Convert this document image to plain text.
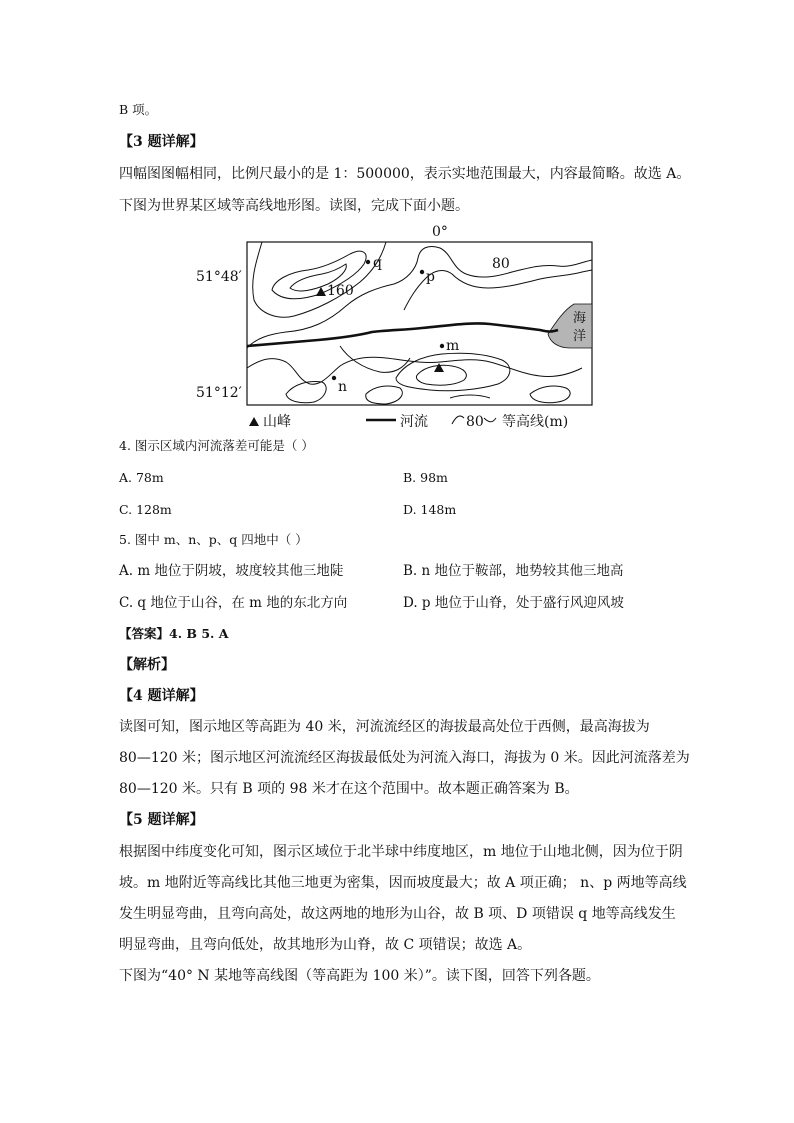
B 项。
【3 题详解】
四幅图图幅相同，比例尺最小的是 1：500000，表示实地范围最大，内容最简略。故选 A。
下图为世界某区域等高线地形图。读图，完成下面小题。
0°
51°48′
51°12′
海
洋
q
p
m
n
160
80
山峰	河流	80 等高线(m)
4. 图示区域内河流落差可能是（ ）
A. 78m	B. 98m
C. 128m	D. 148m
5. 图中 m、n、p、q 四地中（ ）
A. m 地位于阴坡，坡度较其他三地陡	B. n 地位于鞍部，地势较其他三地高
C. q 地位于山谷，在 m 地的东北方向	D. p 地位于山脊，处于盛行风迎风坡
【答案】4. B 5. A
【解析】
【4 题详解】
读图可知，图示地区等高距为 40 米，河流流经区的海拔最高处位于西侧，最高海拔为
80—120 米；图示地区河流流经区海拔最低处为河流入海口，海拔为 0 米。因此河流落差为
80—120 米。只有 B 项的 98 米才在这个范围中。故本题正确答案为 B。
【5 题详解】
根据图中纬度变化可知，图示区域位于北半球中纬度地区，m 地位于山地北侧，因为位于阴
坡。m 地附近等高线比其他三地更为密集，因而坡度最大；故 A 项正确； n、p 两地等高线
发生明显弯曲，且弯向高处，故这两地的地形为山谷，故 B 项、D 项错误 q 地等高线发生
明显弯曲，且弯向低处，故其地形为山脊，故 C 项错误；故选 A。
下图为“40° N 某地等高线图（等高距为 100 米）”。读下图，回答下列各题。
